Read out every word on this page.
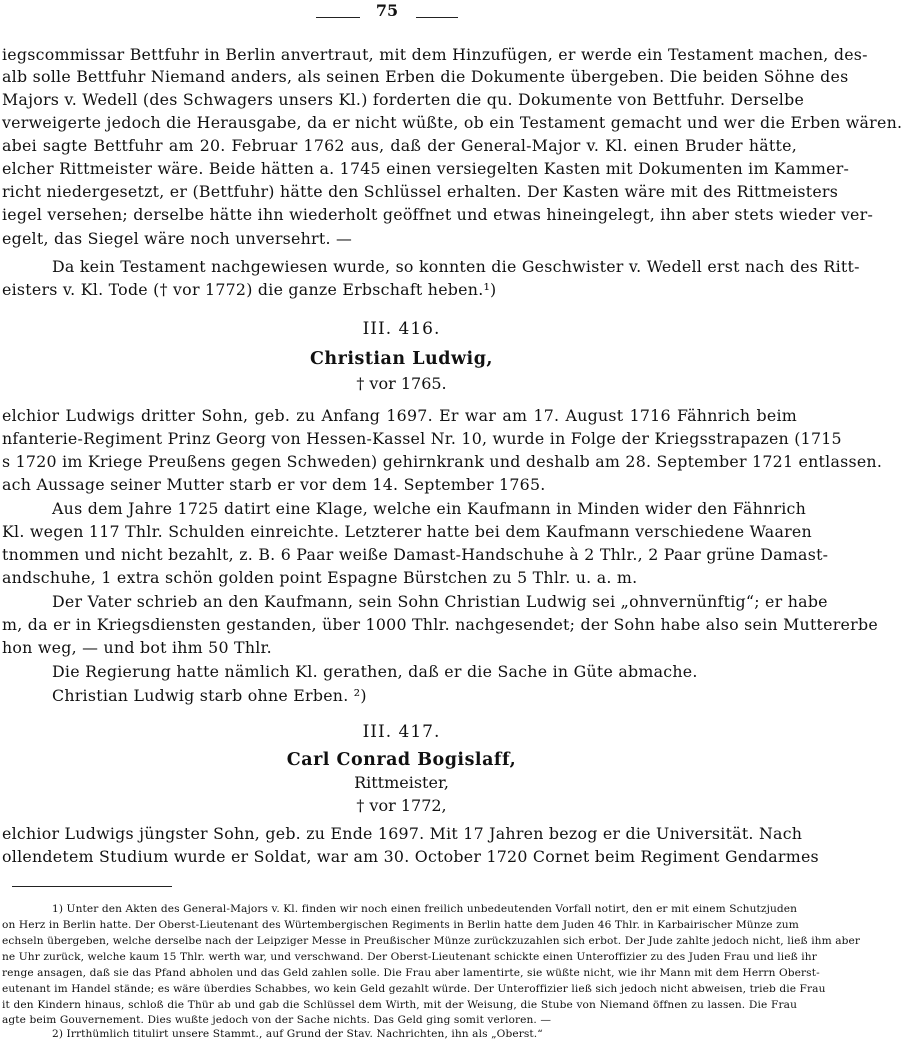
75
iegscommissar Bettfuhr in Berlin anvertraut, mit dem Hinzufügen, er werde ein Testament machen, des-
alb solle Bettfuhr Niemand anders, als seinen Erben die Dokumente übergeben. Die beiden Söhne des
Majors v. Wedell (des Schwagers unsers Kl.) forderten die qu. Dokumente von Bettfuhr. Derselbe
verweigerte jedoch die Herausgabe, da er nicht wüßte, ob ein Testament gemacht und wer die Erben wären.
abei sagte Bettfuhr am 20. Februar 1762 aus, daß der General-Major v. Kl. einen Bruder hätte,
elcher Rittmeister wäre. Beide hätten a. 1745 einen versiegelten Kasten mit Dokumenten im Kammer-
richt niedergesetzt, er (Bettfuhr) hätte den Schlüssel erhalten. Der Kasten wäre mit des Rittmeisters
iegel versehen; derselbe hätte ihn wiederholt geöffnet und etwas hineingelegt, ihn aber stets wieder ver-
egelt, das Siegel wäre noch unversehrt. —
Da kein Testament nachgewiesen wurde, so konnten die Geschwister v. Wedell erst nach des Ritt-
eisters v. Kl. Tode († vor 1772) die ganze Erbschaft heben.¹)
III. 416.
Christian Ludwig,
† vor 1765.
elchior Ludwigs dritter Sohn, geb. zu Anfang 1697. Er war am 17. August 1716 Fähnrich beim
nfanterie-Regiment Prinz Georg von Hessen-Kassel Nr. 10, wurde in Folge der Kriegsstrapazen (1715
s 1720 im Kriege Preußens gegen Schweden) gehirnkrank und deshalb am 28. September 1721 entlassen.
ach Aussage seiner Mutter starb er vor dem 14. September 1765.
Aus dem Jahre 1725 datirt eine Klage, welche ein Kaufmann in Minden wider den Fähnrich
Kl. wegen 117 Thlr. Schulden einreichte. Letzterer hatte bei dem Kaufmann verschiedene Waaren
tnommen und nicht bezahlt, z. B. 6 Paar weiße Damast-Handschuhe à 2 Thlr., 2 Paar grüne Damast-
andschuhe, 1 extra schön golden point Espagne Bürstchen zu 5 Thlr. u. a. m.
Der Vater schrieb an den Kaufmann, sein Sohn Christian Ludwig sei „ohnvernünftig“; er habe
m, da er in Kriegsdiensten gestanden, über 1000 Thlr. nachgesendet; der Sohn habe also sein Muttererbe
hon weg, — und bot ihm 50 Thlr.
Die Regierung hatte nämlich Kl. gerathen, daß er die Sache in Güte abmache.
Christian Ludwig starb ohne Erben. ²)
III. 417.
Carl Conrad Bogislaff,
Rittmeister,
† vor 1772,
elchior Ludwigs jüngster Sohn, geb. zu Ende 1697. Mit 17 Jahren bezog er die Universität. Nach
ollendetem Studium wurde er Soldat, war am 30. October 1720 Cornet beim Regiment Gendarmes
1) Unter den Akten des General-Majors v. Kl. finden wir noch einen freilich unbedeutenden Vorfall notirt, den er mit einem Schutzjuden
on Herz in Berlin hatte. Der Oberst-Lieutenant des Würtembergischen Regiments in Berlin hatte dem Juden 46 Thlr. in Karbairischer Münze zum
echseln übergeben, welche derselbe nach der Leipziger Messe in Preußischer Münze zurückzuzahlen sich erbot. Der Jude zahlte jedoch nicht, ließ ihm aber
ne Uhr zurück, welche kaum 15 Thlr. werth war, und verschwand. Der Oberst-Lieutenant schickte einen Unteroffizier zu des Juden Frau und ließ ihr
renge ansagen, daß sie das Pfand abholen und das Geld zahlen solle. Die Frau aber lamentirte, sie wüßte nicht, wie ihr Mann mit dem Herrn Oberst-
eutenant im Handel stände; es wäre überdies Schabbes, wo kein Geld gezahlt würde. Der Unteroffizier ließ sich jedoch nicht abweisen, trieb die Frau
it den Kindern hinaus, schloß die Thür ab und gab die Schlüssel dem Wirth, mit der Weisung, die Stube von Niemand öffnen zu lassen. Die Frau
agte beim Gouvernement. Dies wußte jedoch von der Sache nichts. Das Geld ging somit verloren. —
2) Irrthümlich titulirt unsere Stammt., auf Grund der Stav. Nachrichten, ihn als „Oberst.“
